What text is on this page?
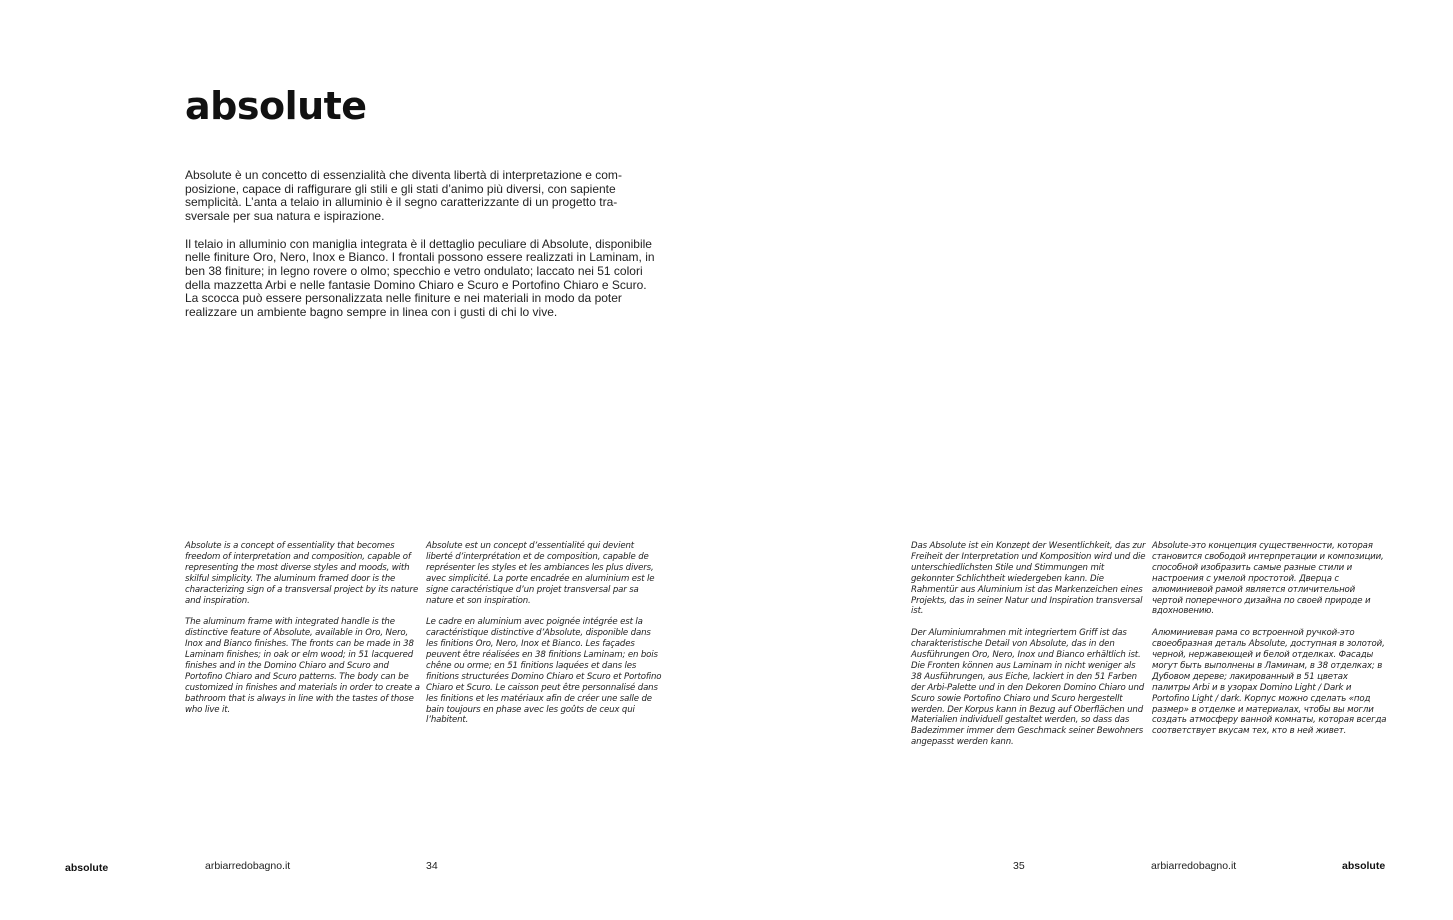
absolute

Absolute è un concetto di essenzialità che diventa libertà di interpretazione e composizione, capace di raffigurare gli stili e gli stati d’animo più diversi, con sapiente semplicità. L’anta a telaio in alluminio è il segno caratterizzante di un progetto trasversale per sua natura e ispirazione.

Il telaio in alluminio con maniglia integrata è il dettaglio peculiare di Absolute, disponibile nelle finiture Oro, Nero, Inox e Bianco. I frontali possono essere realizzati in Laminam, in ben 38 finiture; in legno rovere o olmo; specchio e vetro ondulato; laccato nei 51 colori della mazzetta Arbi e nelle fantasie Domino Chiaro e Scuro e Portofino Chiaro e Scuro. La scocca può essere personalizzata nelle finiture e nei materiali in modo da poter realizzare un ambiente bagno sempre in linea con i gusti di chi lo vive.

Absolute is a concept of essentiality that becomes freedom of interpretation and composition, capable of representing the most diverse styles and moods, with skilful simplicity. The aluminum framed door is the characterizing sign of a transversal project by its nature and inspiration.

The aluminum frame with integrated handle is the distinctive feature of Absolute, available in Oro, Nero, Inox and Bianco finishes. The fronts can be made in 38 Laminam finishes; in oak or elm wood; in 51 lacquered finishes and in the Domino Chiaro and Scuro and Portofino Chiaro and Scuro patterns. The body can be customized in finishes and materials in order to create a bathroom that is always in line with the tastes of those who live it.

Absolute est un concept d’essentialité qui devient liberté d’interprétation et de composition, capable de représenter les styles et les ambiances les plus divers, avec simplicité. La porte encadrée en aluminium est le signe caractéristique d’un projet transversal par sa nature et son inspiration.

Le cadre en aluminium avec poignée intégrée est la caractéristique distinctive d’Absolute, disponible dans les finitions Oro, Nero, Inox et Bianco. Les façades peuvent être réalisées en 38 finitions Laminam; en bois chêne ou orme; en 51 finitions laquées et dans les finitions structurées Domino Chiaro et Scuro et Portofino Chiaro et Scuro. Le caisson peut être personnalisé dans les finitions et les matériaux afin de créer une salle de bain toujours en phase avec les goûts de ceux qui l’habitent.

absolute	arbiarredobagno.it	34

Das Absolute ist ein Konzept der Wesentlichkeit, das zur Freiheit der Interpretation und Komposition wird und die unterschiedlichsten Stile und Stimmungen mit gekonnter Schlichtheit wiedergeben kann. Die Rahmentür aus Aluminium ist das Markenzeichen eines Projekts, das in seiner Natur und Inspiration transversal ist.

Der Aluminiumrahmen mit integriertem Griff ist das charakteristische Detail von Absolute, das in den Ausführungen Oro, Nero, Inox und Bianco erhältlich ist. Die Fronten können aus Laminam in nicht weniger als 38 Ausführungen, aus Eiche, lackiert in den 51 Farben der Arbi-Palette und in den Dekoren Domino Chiaro und Scuro sowie Portofino Chiaro und Scuro hergestellt werden. Der Korpus kann in Bezug auf Oberflächen und Materialien individuell gestaltet werden, so dass das Badezimmer immer dem Geschmack seiner Bewohners angepasst werden kann.

Absolute-это концепция существенности, которая становится свободой интерпретации и композиции, способной изобразить самые разные стили и настроения с умелой простотой. Дверца с алюминиевой рамой является отличительной чертой поперечного дизайна по своей природе и вдохновению.

Алюминиевая рама со встроенной ручкой-это своеобразная деталь Absolute, доступная в золотой, черной, нержавеющей и белой отделках. Фасады могут быть выполнены в Ламинам, в 38 отделках; в Дубовом дереве; лакированный в 51 цветах палитры Arbi и в узорах Domino Light / Dark и Portofino Light / dark. Корпус можно сделать «под размер» в отделке и материалах, чтобы вы могли создать атмосферу ванной комнаты, которая всегда соответствует вкусам тех, кто в ней живет.

35	arbiarredobagno.it	absolute
